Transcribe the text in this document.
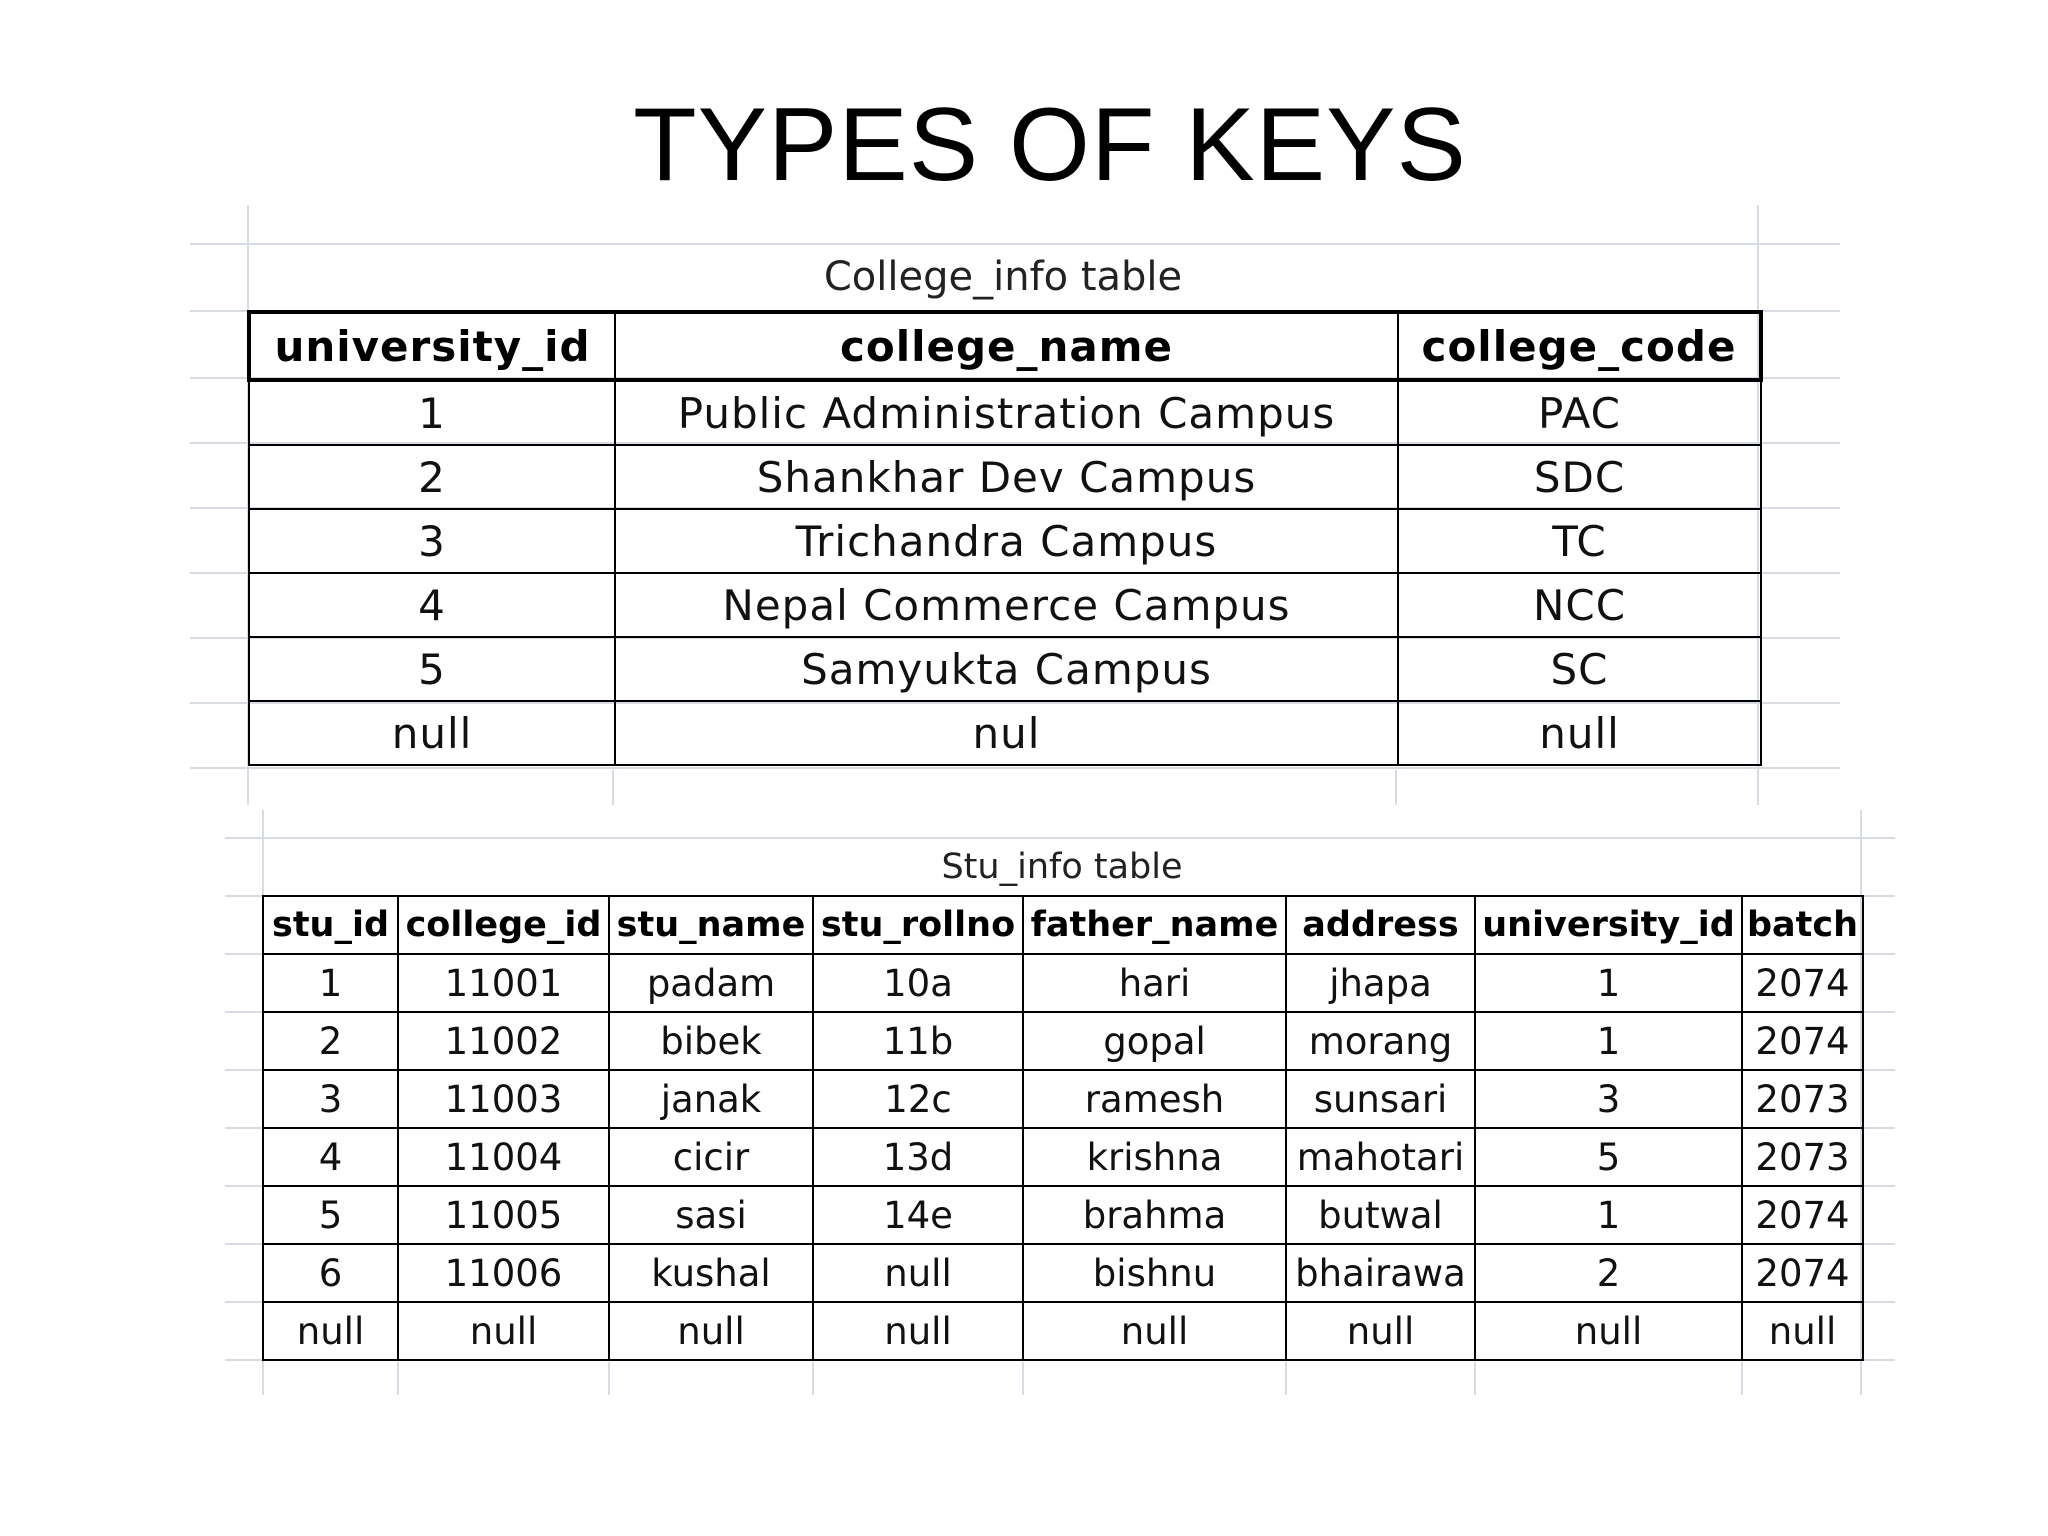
TYPES OF KEYS
College_info table
university_id	college_name	college_code
1	Public Administration Campus	PAC
2	Shankhar Dev Campus	SDC
3	Trichandra Campus	TC
4	Nepal Commerce Campus	NCC
5	Samyukta Campus	SC
null	nul	null
Stu_info table
stu_id	college_id	stu_name	stu_rollno	father_name	address	university_id	batch
1	11001	padam	10a	hari	jhapa	1	2074
2	11002	bibek	11b	gopal	morang	1	2074
3	11003	janak	12c	ramesh	sunsari	3	2073
4	11004	cicir	13d	krishna	mahotari	5	2073
5	11005	sasi	14e	brahma	butwal	1	2074
6	11006	kushal	null	bishnu	bhairawa	2	2074
null	null	null	null	null	null	null	null
